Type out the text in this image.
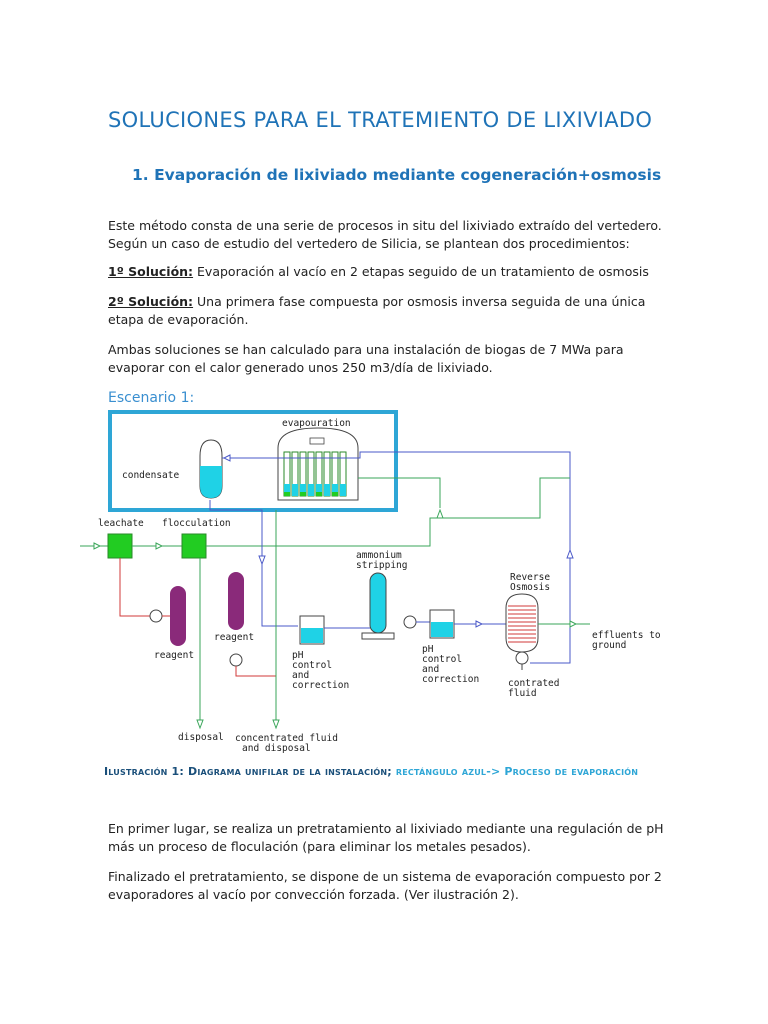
SOLUCIONES PARA EL TRATEMIENTO DE LIXIVIADO
1. Evaporación de lixiviado mediante cogeneración+osmosis
Este método consta de una serie de procesos in situ del lixiviado extraído del vertedero. Según un caso de estudio del vertedero de Silicia, se plantean dos procedimientos:
1º Solución: Evaporación al vacío en 2 etapas seguido de un tratamiento de osmosis
2º Solución: Una primera fase compuesta por osmosis inversa seguida de una única etapa de evaporación.
Ambas soluciones se han calculado para una instalación de biogas de 7 MWa para evaporar con el calor generado unos 250 m3/día de lixiviado.
Escenario 1:
evapouration
condensate
leachate flocculation
reagent
reagent
disposal concentrated fluid
and disposal
pH
control
and
correction
ammonium
stripping
pH
control
and
correction
Reverse
Osmosis
effluents to
ground
contrated
fluid
Ilustración 1: Diagrama unifilar de la instalación; rectángulo azul-> Proceso de evaporación
En primer lugar, se realiza un pretratamiento al lixiviado mediante una regulación de pH más un proceso de floculación (para eliminar los metales pesados).
Finalizado el pretratamiento, se dispone de un sistema de evaporación compuesto por 2 evaporadores al vacío por convección forzada. (Ver ilustración 2).
